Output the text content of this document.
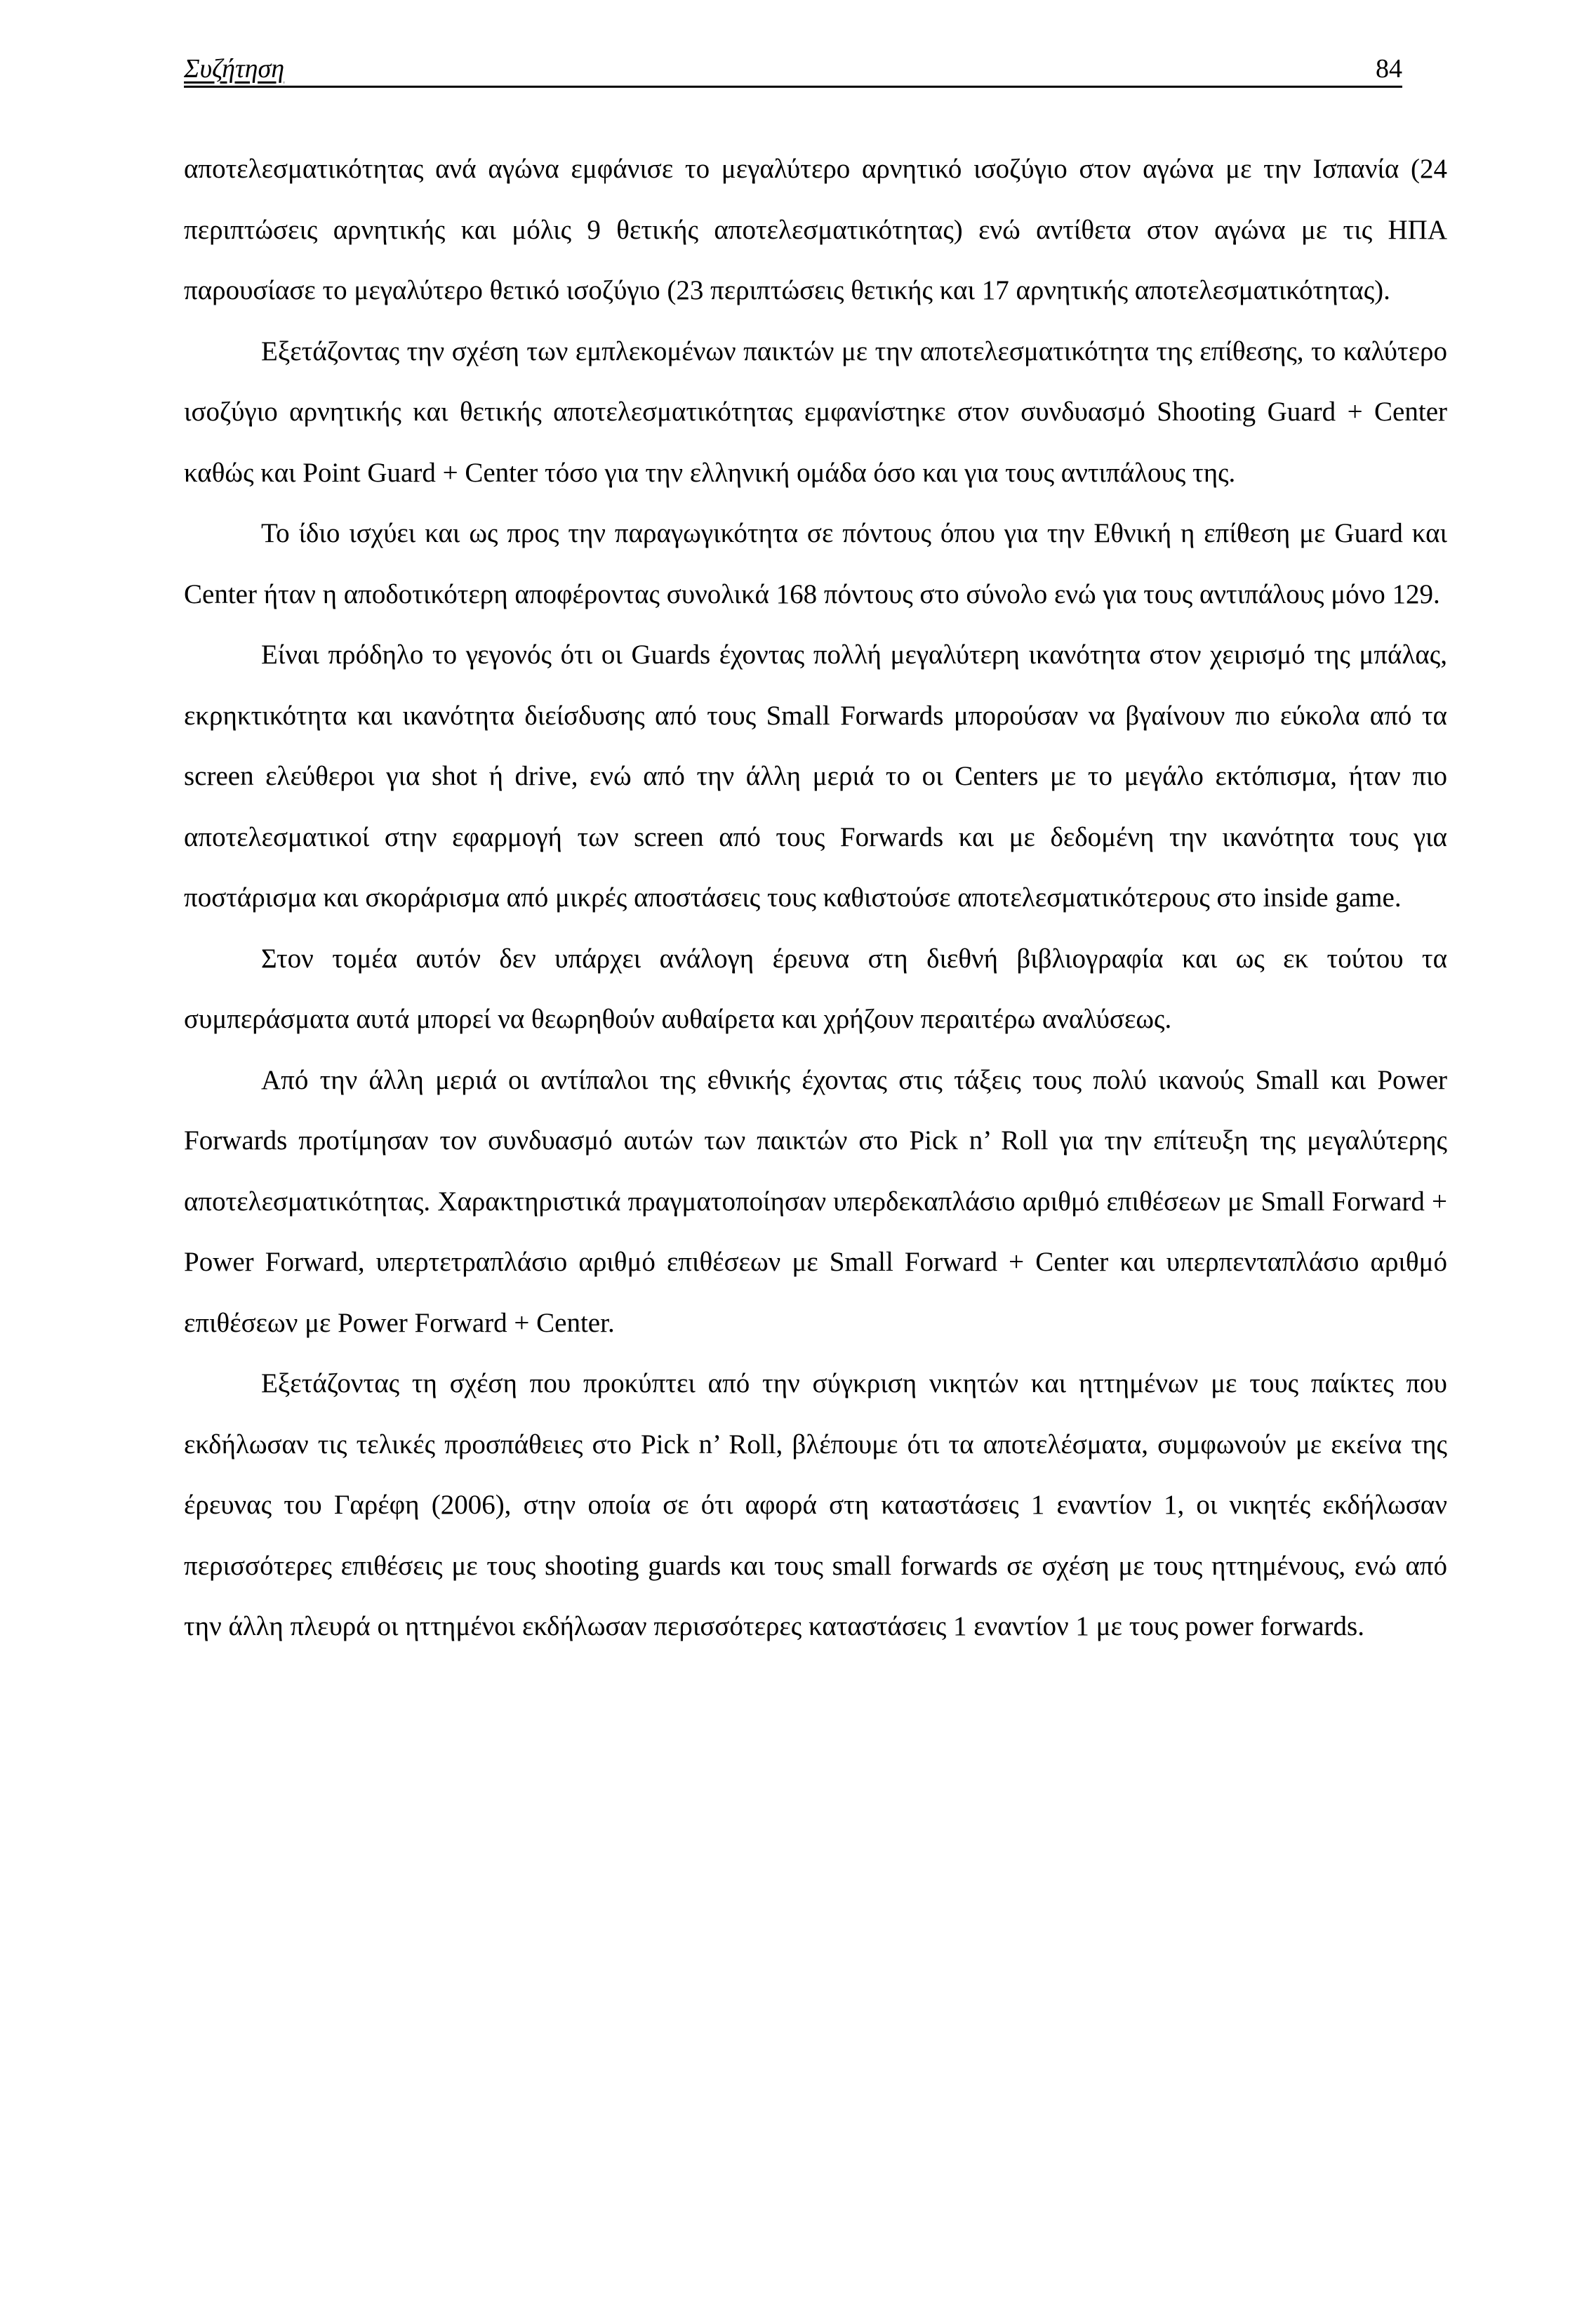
Συζήτηση	84

αποτελεσματικότητας ανά αγώνα εμφάνισε το μεγαλύτερο αρνητικό ισοζύγιο στον αγώνα με την Ισπανία (24 περιπτώσεις αρνητικής και μόλις 9 θετικής αποτελεσματικότητας) ενώ αντίθετα στον αγώνα με τις ΗΠΑ παρουσίασε το μεγαλύτερο θετικό ισοζύγιο (23 περιπτώσεις θετικής και 17 αρνητικής αποτελεσματικότητας).

Εξετάζοντας την σχέση των εμπλεκομένων παικτών με την αποτελεσματικότητα της επίθεσης, το καλύτερο ισοζύγιο αρνητικής και θετικής αποτελεσματικότητας εμφανίστηκε στον συνδυασμό Shooting Guard + Center καθώς και Point Guard + Center τόσο για την ελληνική ομάδα όσο και για τους αντιπάλους της.

Το ίδιο ισχύει και ως προς την παραγωγικότητα σε πόντους όπου για την Εθνική η επίθεση με Guard και Center ήταν η αποδοτικότερη αποφέροντας συνολικά 168 πόντους στο σύνολο ενώ για τους αντιπάλους μόνο 129.

Είναι πρόδηλο το γεγονός ότι οι Guards έχοντας πολλή μεγαλύτερη ικανότητα στον χειρισμό της μπάλας, εκρηκτικότητα και ικανότητα διείσδυσης από τους Small Forwards μπορούσαν να βγαίνουν πιο εύκολα από τα screen ελεύθεροι για shot ή drive, ενώ από την άλλη μεριά το οι Centers με το μεγάλο εκτόπισμα, ήταν πιο αποτελεσματικοί στην εφαρμογή των screen από τους Forwards και με δεδομένη την ικανότητα τους για ποστάρισμα και σκοράρισμα από μικρές αποστάσεις τους καθιστούσε αποτελεσματικότερους στο inside game.

Στον τομέα αυτόν δεν υπάρχει ανάλογη έρευνα στη διεθνή βιβλιογραφία και ως εκ τούτου τα συμπεράσματα αυτά μπορεί να θεωρηθούν αυθαίρετα και χρήζουν περαιτέρω αναλύσεως.

Από την άλλη μεριά οι αντίπαλοι της εθνικής έχοντας στις τάξεις τους πολύ ικανούς Small και Power Forwards προτίμησαν τον συνδυασμό αυτών των παικτών στο Pick n’ Roll για την επίτευξη της μεγαλύτερης αποτελεσματικότητας. Χαρακτηριστικά πραγματοποίησαν υπερδεκαπλάσιο αριθμό επιθέσεων με Small Forward + Power Forward, υπερτετραπλάσιο αριθμό επιθέσεων με Small Forward + Center και υπερπενταπλάσιο αριθμό επιθέσεων με Power Forward + Center.

Εξετάζοντας τη σχέση που προκύπτει από την σύγκριση νικητών και ηττημένων με τους παίκτες που εκδήλωσαν τις τελικές προσπάθειες στο Pick n’ Roll, βλέπουμε ότι τα αποτελέσματα, συμφωνούν με εκείνα της έρευνας του Γαρέφη (2006), στην οποία σε ότι αφορά στη καταστάσεις 1 εναντίον 1, οι νικητές εκδήλωσαν περισσότερες επιθέσεις με τους shooting guards και τους small forwards σε σχέση με τους ηττημένους, ενώ από την άλλη πλευρά οι ηττημένοι εκδήλωσαν περισσότερες καταστάσεις 1 εναντίον 1 με τους power forwards.
